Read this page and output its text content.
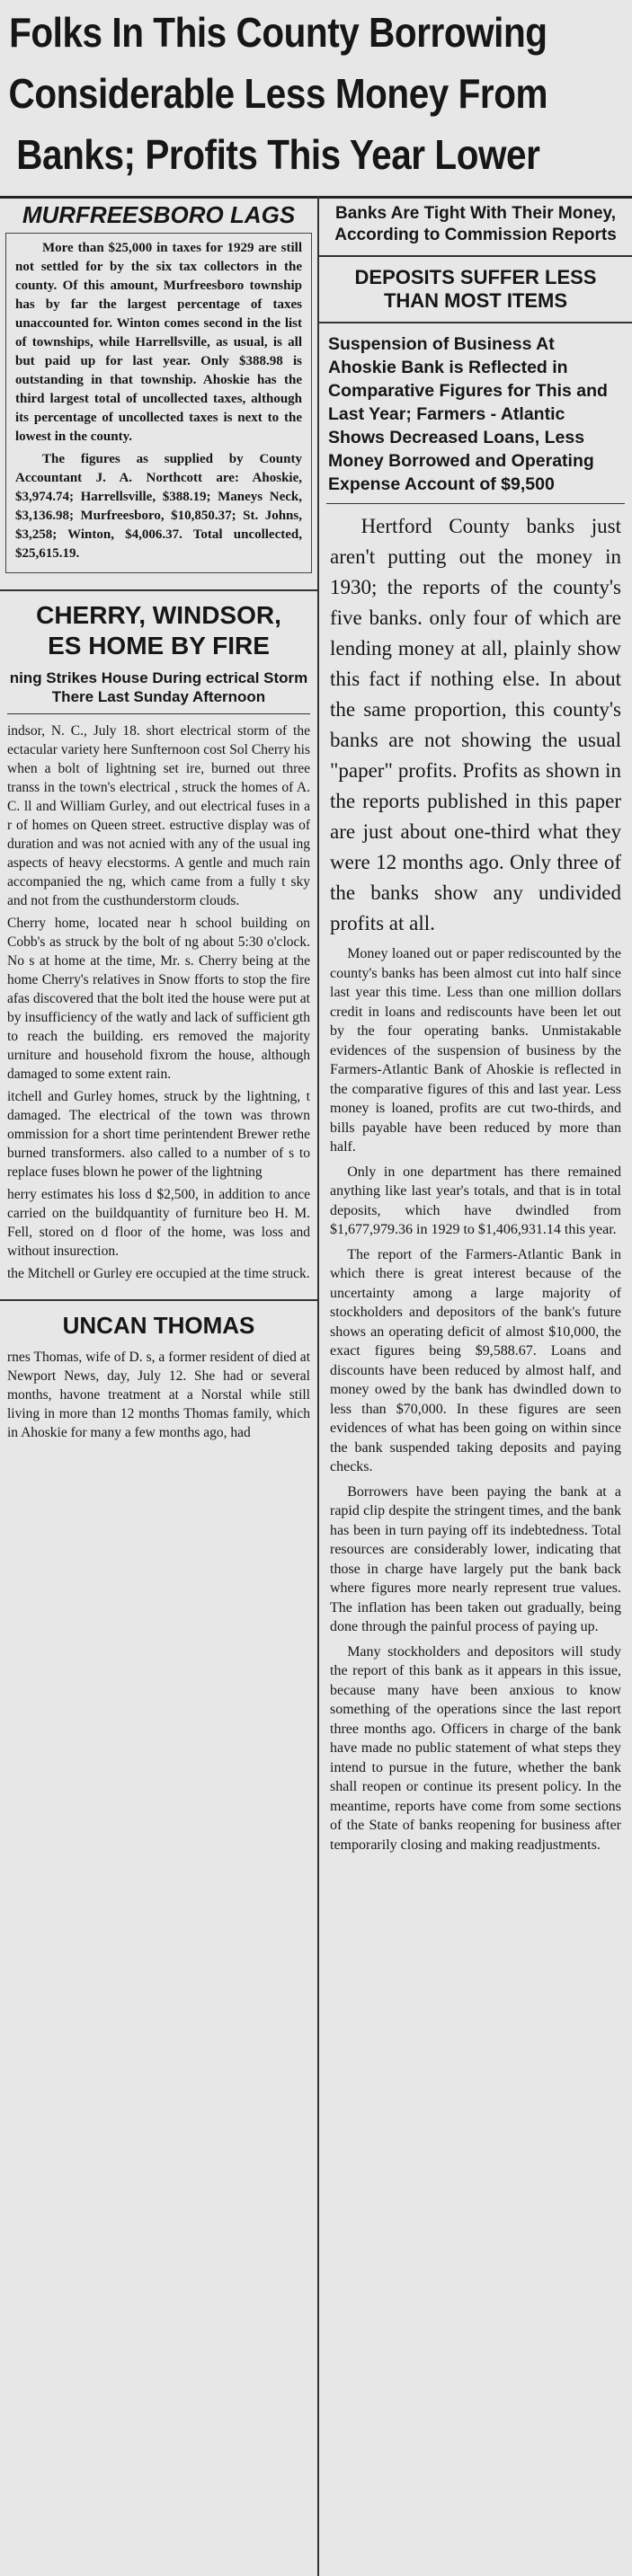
Folks In This County Borrowing
Considerable Less Money From
Banks; Profits This Year Lower
MURFREESBORO LAGS

More than $25,000 in taxes for 1929 are still not settled for by the six tax collectors in the county. Of this amount, Murfreesboro township has by far the largest percentage of taxes unaccounted for. Winton comes second in the list of townships, while Harrellsville, as usual, is all but paid up for last year. Only $388.98 is outstanding in that township. Ahoskie has the third largest total of uncollected taxes, although its percentage of uncollected taxes is next to the lowest in the county.

The figures as supplied by County Accountant J. A. Northcott are: Ahoskie, $3,974.74; Harrellsville, $388.19; Maneys Neck, $3,136.98; Murfreesboro, $10,850.37; St. Johns, $3,258; Winton, $4,006.37. Total uncollected, $25,615.19.

CHERRY, WINDSOR,
ES HOME BY FIRE
ning Strikes House During ectrical Storm There Last Sunday Afternoon

indsor, N. C., July 18. short electrical storm of the ectacular variety here Sunfternoon cost Sol Cherry his when a bolt of lightning set ire, burned out three transs in the town's electrical , struck the homes of A. C. ll and William Gurley, and out electrical fuses in a r of homes on Queen street. estructive display was of duration and was not acnied with any of the usual ing aspects of heavy elecstorms. A gentle and much rain accompanied the ng, which came from a fully t sky and not from the custhunderstorm clouds.

Cherry home, located near h school building on Cobb's as struck by the bolt of ng about 5:30 o'clock. No s at home at the time, Mr. s. Cherry being at the home Cherry's relatives in Snow fforts to stop the fire afas discovered that the bolt ited the house were put at by insufficiency of the watly and lack of sufficient gth to reach the building. ers removed the majority urniture and household fixrom the house, although damaged to some extent rain.

itchell and Gurley homes, struck by the lightning, t damaged. The electrical of the town was thrown ommission for a short time perintendent Brewer rethe burned transformers. also called to a number of s to replace fuses blown he power of the lightning

herry estimates his loss d $2,500, in addition to ance carried on the buildquantity of furniture beo H. M. Fell, stored on d floor of the home, was loss and without insurection.

the Mitchell or Gurley ere occupied at the time struck.

UNCAN THOMAS

rnes Thomas, wife of D. s, a former resident of died at Newport News, day, July 12. She had or several months, havone treatment at a Norstal while still living in more than 12 months Thomas family, which in Ahoskie for many a few months ago, had

Banks Are Tight With Their Money, According to Commission Reports
DEPOSITS SUFFER LESS THAN MOST ITEMS
Suspension of Business At Ahoskie Bank is Reflected in Comparative Figures for This and Last Year; Farmers - Atlantic Shows Decreased Loans, Less Money Borrowed and Operating Expense Account of $9,500

Hertford County banks just aren't putting out the money in 1930; the reports of the county's five banks. only four of which are lending money at all, plainly show this fact if nothing else. In about the same proportion, this county's banks are not showing the usual "paper" profits. Profits as shown in the reports published in this paper are just about one-third what they were 12 months ago. Only three of the banks show any undivided profits at all.

Money loaned out or paper rediscounted by the county's banks has been almost cut into half since last year this time. Less than one million dollars credit in loans and rediscounts have been let out by the four operating banks. Unmistakable evidences of the suspension of business by the Farmers-Atlantic Bank of Ahoskie is reflected in the comparative figures of this and last year. Less money is loaned, profits are cut two-thirds, and bills payable have been reduced by more than half.

Only in one department has there remained anything like last year's totals, and that is in total deposits, which have dwindled from $1,677,979.36 in 1929 to $1,406,931.14 this year.

The report of the Farmers-Atlantic Bank in which there is great interest because of the uncertainty among a large majority of stockholders and depositors of the bank's future shows an operating deficit of almost $10,000, the exact figures being $9,588.67. Loans and discounts have been reduced by almost half, and money owed by the bank has dwindled down to less than $70,000. In these figures are seen evidences of what has been going on within since the bank suspended taking deposits and paying checks.

Borrowers have been paying the bank at a rapid clip despite the stringent times, and the bank has been in turn paying off its indebtedness. Total resources are considerably lower, indicating that those in charge have largely put the bank back where figures more nearly represent true values. The inflation has been taken out gradually, being done through the painful process of paying up.

Many stockholders and depositors will study the report of this bank as it appears in this issue, because many have been anxious to know something of the operations since the last report three months ago. Officers in charge of the bank have made no public statement of what steps they intend to pursue in the future, whether the bank shall reopen or continue its present policy. In the meantime, reports have come from some sections of the State of banks reopening for business after temporarily closing and making readjustments.
